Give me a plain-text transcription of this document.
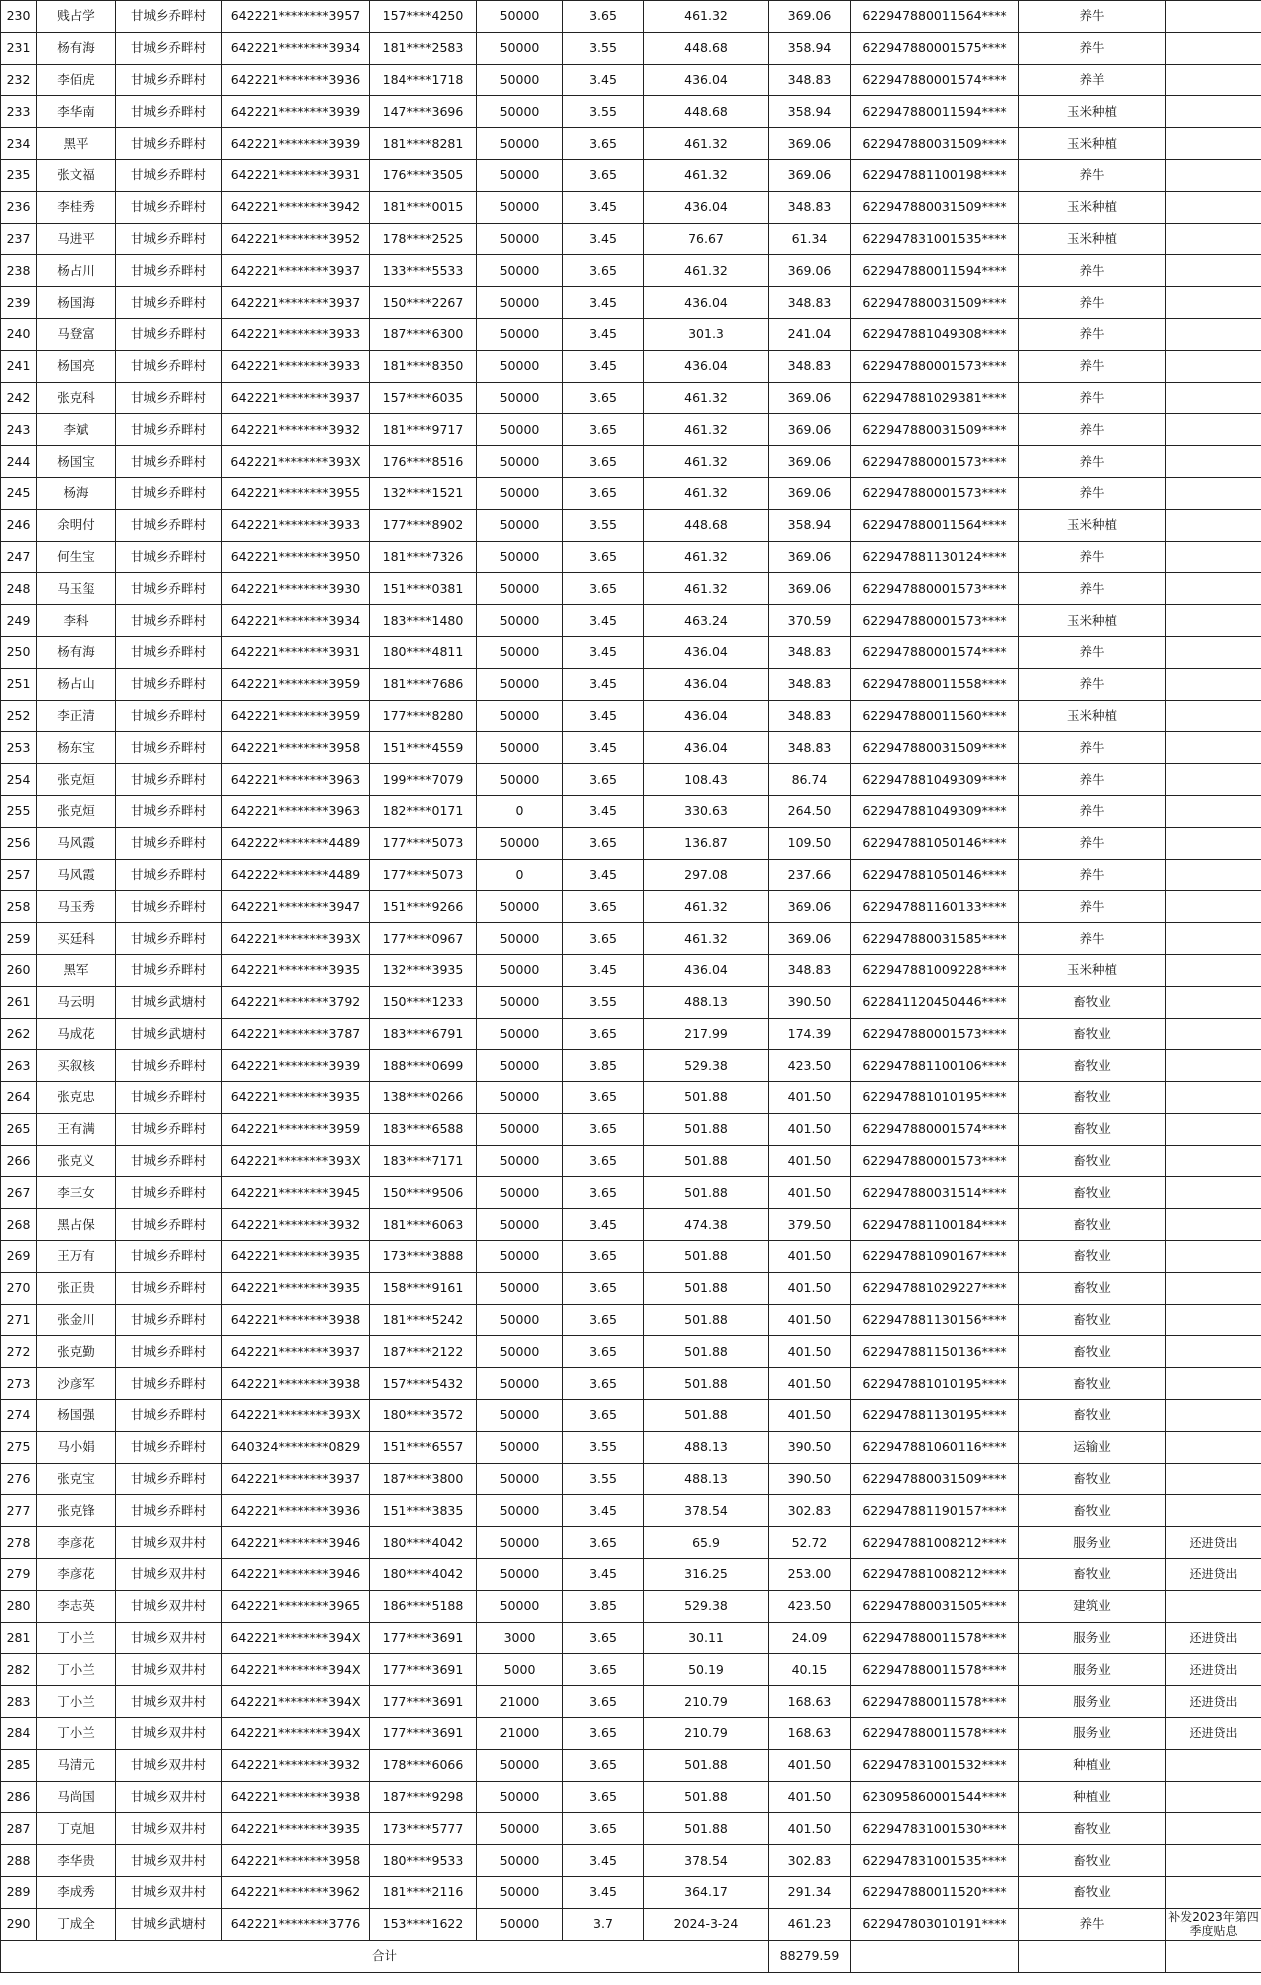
230	贱占学	甘城乡乔畔村	642221********3957	157****4250	50000	3.65	461.32	369.06	622947880011564****	养牛	
231	杨有海	甘城乡乔畔村	642221********3934	181****2583	50000	3.55	448.68	358.94	622947880001575****	养牛	
232	李佰虎	甘城乡乔畔村	642221********3936	184****1718	50000	3.45	436.04	348.83	622947880001574****	养羊	
233	李华南	甘城乡乔畔村	642221********3939	147****3696	50000	3.55	448.68	358.94	622947880011594****	玉米种植	
234	黑平	甘城乡乔畔村	642221********3939	181****8281	50000	3.65	461.32	369.06	622947880031509****	玉米种植	
235	张文福	甘城乡乔畔村	642221********3931	176****3505	50000	3.65	461.32	369.06	622947881100198****	养牛	
236	李桂秀	甘城乡乔畔村	642221********3942	181****0015	50000	3.45	436.04	348.83	622947880031509****	玉米种植	
237	马进平	甘城乡乔畔村	642221********3952	178****2525	50000	3.45	76.67	61.34	622947831001535****	玉米种植	
238	杨占川	甘城乡乔畔村	642221********3937	133****5533	50000	3.65	461.32	369.06	622947880011594****	养牛	
239	杨国海	甘城乡乔畔村	642221********3937	150****2267	50000	3.45	436.04	348.83	622947880031509****	养牛	
240	马登富	甘城乡乔畔村	642221********3933	187****6300	50000	3.45	301.3	241.04	622947881049308****	养牛	
241	杨国亮	甘城乡乔畔村	642221********3933	181****8350	50000	3.45	436.04	348.83	622947880001573****	养牛	
242	张克科	甘城乡乔畔村	642221********3937	157****6035	50000	3.65	461.32	369.06	622947881029381****	养牛	
243	李斌	甘城乡乔畔村	642221********3932	181****9717	50000	3.65	461.32	369.06	622947880031509****	养牛	
244	杨国宝	甘城乡乔畔村	642221********393X	176****8516	50000	3.65	461.32	369.06	622947880001573****	养牛	
245	杨海	甘城乡乔畔村	642221********3955	132****1521	50000	3.65	461.32	369.06	622947880001573****	养牛	
246	余明付	甘城乡乔畔村	642221********3933	177****8902	50000	3.55	448.68	358.94	622947880011564****	玉米种植	
247	何生宝	甘城乡乔畔村	642221********3950	181****7326	50000	3.65	461.32	369.06	622947881130124****	养牛	
248	马玉玺	甘城乡乔畔村	642221********3930	151****0381	50000	3.65	461.32	369.06	622947880001573****	养牛	
249	李科	甘城乡乔畔村	642221********3934	183****1480	50000	3.45	463.24	370.59	622947880001573****	玉米种植	
250	杨有海	甘城乡乔畔村	642221********3931	180****4811	50000	3.45	436.04	348.83	622947880001574****	养牛	
251	杨占山	甘城乡乔畔村	642221********3959	181****7686	50000	3.45	436.04	348.83	622947880011558****	养牛	
252	李正清	甘城乡乔畔村	642221********3959	177****8280	50000	3.45	436.04	348.83	622947880011560****	玉米种植	
253	杨东宝	甘城乡乔畔村	642221********3958	151****4559	50000	3.45	436.04	348.83	622947880031509****	养牛	
254	张克烜	甘城乡乔畔村	642221********3963	199****7079	50000	3.65	108.43	86.74	622947881049309****	养牛	
255	张克烜	甘城乡乔畔村	642221********3963	182****0171	0	3.45	330.63	264.50	622947881049309****	养牛	
256	马风霞	甘城乡乔畔村	642222********4489	177****5073	50000	3.65	136.87	109.50	622947881050146****	养牛	
257	马风霞	甘城乡乔畔村	642222********4489	177****5073	0	3.45	297.08	237.66	622947881050146****	养牛	
258	马玉秀	甘城乡乔畔村	642221********3947	151****9266	50000	3.65	461.32	369.06	622947881160133****	养牛	
259	买廷科	甘城乡乔畔村	642221********393X	177****0967	50000	3.65	461.32	369.06	622947880031585****	养牛	
260	黑军	甘城乡乔畔村	642221********3935	132****3935	50000	3.45	436.04	348.83	622947881009228****	玉米种植	
261	马云明	甘城乡武塘村	642221********3792	150****1233	50000	3.55	488.13	390.50	622841120450446****	畜牧业	
262	马成花	甘城乡武塘村	642221********3787	183****6791	50000	3.65	217.99	174.39	622947880001573****	畜牧业	
263	买叙核	甘城乡乔畔村	642221********3939	188****0699	50000	3.85	529.38	423.50	622947881100106****	畜牧业	
264	张克忠	甘城乡乔畔村	642221********3935	138****0266	50000	3.65	501.88	401.50	622947881010195****	畜牧业	
265	王有满	甘城乡乔畔村	642221********3959	183****6588	50000	3.65	501.88	401.50	622947880001574****	畜牧业	
266	张克义	甘城乡乔畔村	642221********393X	183****7171	50000	3.65	501.88	401.50	622947880001573****	畜牧业	
267	李三女	甘城乡乔畔村	642221********3945	150****9506	50000	3.65	501.88	401.50	622947880031514****	畜牧业	
268	黑占保	甘城乡乔畔村	642221********3932	181****6063	50000	3.45	474.38	379.50	622947881100184****	畜牧业	
269	王万有	甘城乡乔畔村	642221********3935	173****3888	50000	3.65	501.88	401.50	622947881090167****	畜牧业	
270	张正贵	甘城乡乔畔村	642221********3935	158****9161	50000	3.65	501.88	401.50	622947881029227****	畜牧业	
271	张金川	甘城乡乔畔村	642221********3938	181****5242	50000	3.65	501.88	401.50	622947881130156****	畜牧业	
272	张克勤	甘城乡乔畔村	642221********3937	187****2122	50000	3.65	501.88	401.50	622947881150136****	畜牧业	
273	沙彦军	甘城乡乔畔村	642221********3938	157****5432	50000	3.65	501.88	401.50	622947881010195****	畜牧业	
274	杨国强	甘城乡乔畔村	642221********393X	180****3572	50000	3.65	501.88	401.50	622947881130195****	畜牧业	
275	马小娟	甘城乡乔畔村	640324********0829	151****6557	50000	3.55	488.13	390.50	622947881060116****	运输业	
276	张克宝	甘城乡乔畔村	642221********3937	187****3800	50000	3.55	488.13	390.50	622947880031509****	畜牧业	
277	张克锋	甘城乡乔畔村	642221********3936	151****3835	50000	3.45	378.54	302.83	622947881190157****	畜牧业	
278	李彦花	甘城乡双井村	642221********3946	180****4042	50000	3.65	65.9	52.72	622947881008212****	服务业	还进贷出
279	李彦花	甘城乡双井村	642221********3946	180****4042	50000	3.45	316.25	253.00	622947881008212****	畜牧业	还进贷出
280	李志英	甘城乡双井村	642221********3965	186****5188	50000	3.85	529.38	423.50	622947880031505****	建筑业	
281	丁小兰	甘城乡双井村	642221********394X	177****3691	3000	3.65	30.11	24.09	622947880011578****	服务业	还进贷出
282	丁小兰	甘城乡双井村	642221********394X	177****3691	5000	3.65	50.19	40.15	622947880011578****	服务业	还进贷出
283	丁小兰	甘城乡双井村	642221********394X	177****3691	21000	3.65	210.79	168.63	622947880011578****	服务业	还进贷出
284	丁小兰	甘城乡双井村	642221********394X	177****3691	21000	3.65	210.79	168.63	622947880011578****	服务业	还进贷出
285	马清元	甘城乡双井村	642221********3932	178****6066	50000	3.65	501.88	401.50	622947831001532****	种植业	
286	马尚国	甘城乡双井村	642221********3938	187****9298	50000	3.65	501.88	401.50	623095860001544****	种植业	
287	丁克旭	甘城乡双井村	642221********3935	173****5777	50000	3.65	501.88	401.50	622947831001530****	畜牧业	
288	李华贵	甘城乡双井村	642221********3958	180****9533	50000	3.45	378.54	302.83	622947831001535****	畜牧业	
289	李成秀	甘城乡双井村	642221********3962	181****2116	50000	3.45	364.17	291.34	622947880011520****	畜牧业	
290	丁成全	甘城乡武塘村	642221********3776	153****1622	50000	3.7	2024-3-24	461.23	622947803010191****	养牛	补发2023年第四季度贴息
合计								88279.59			
